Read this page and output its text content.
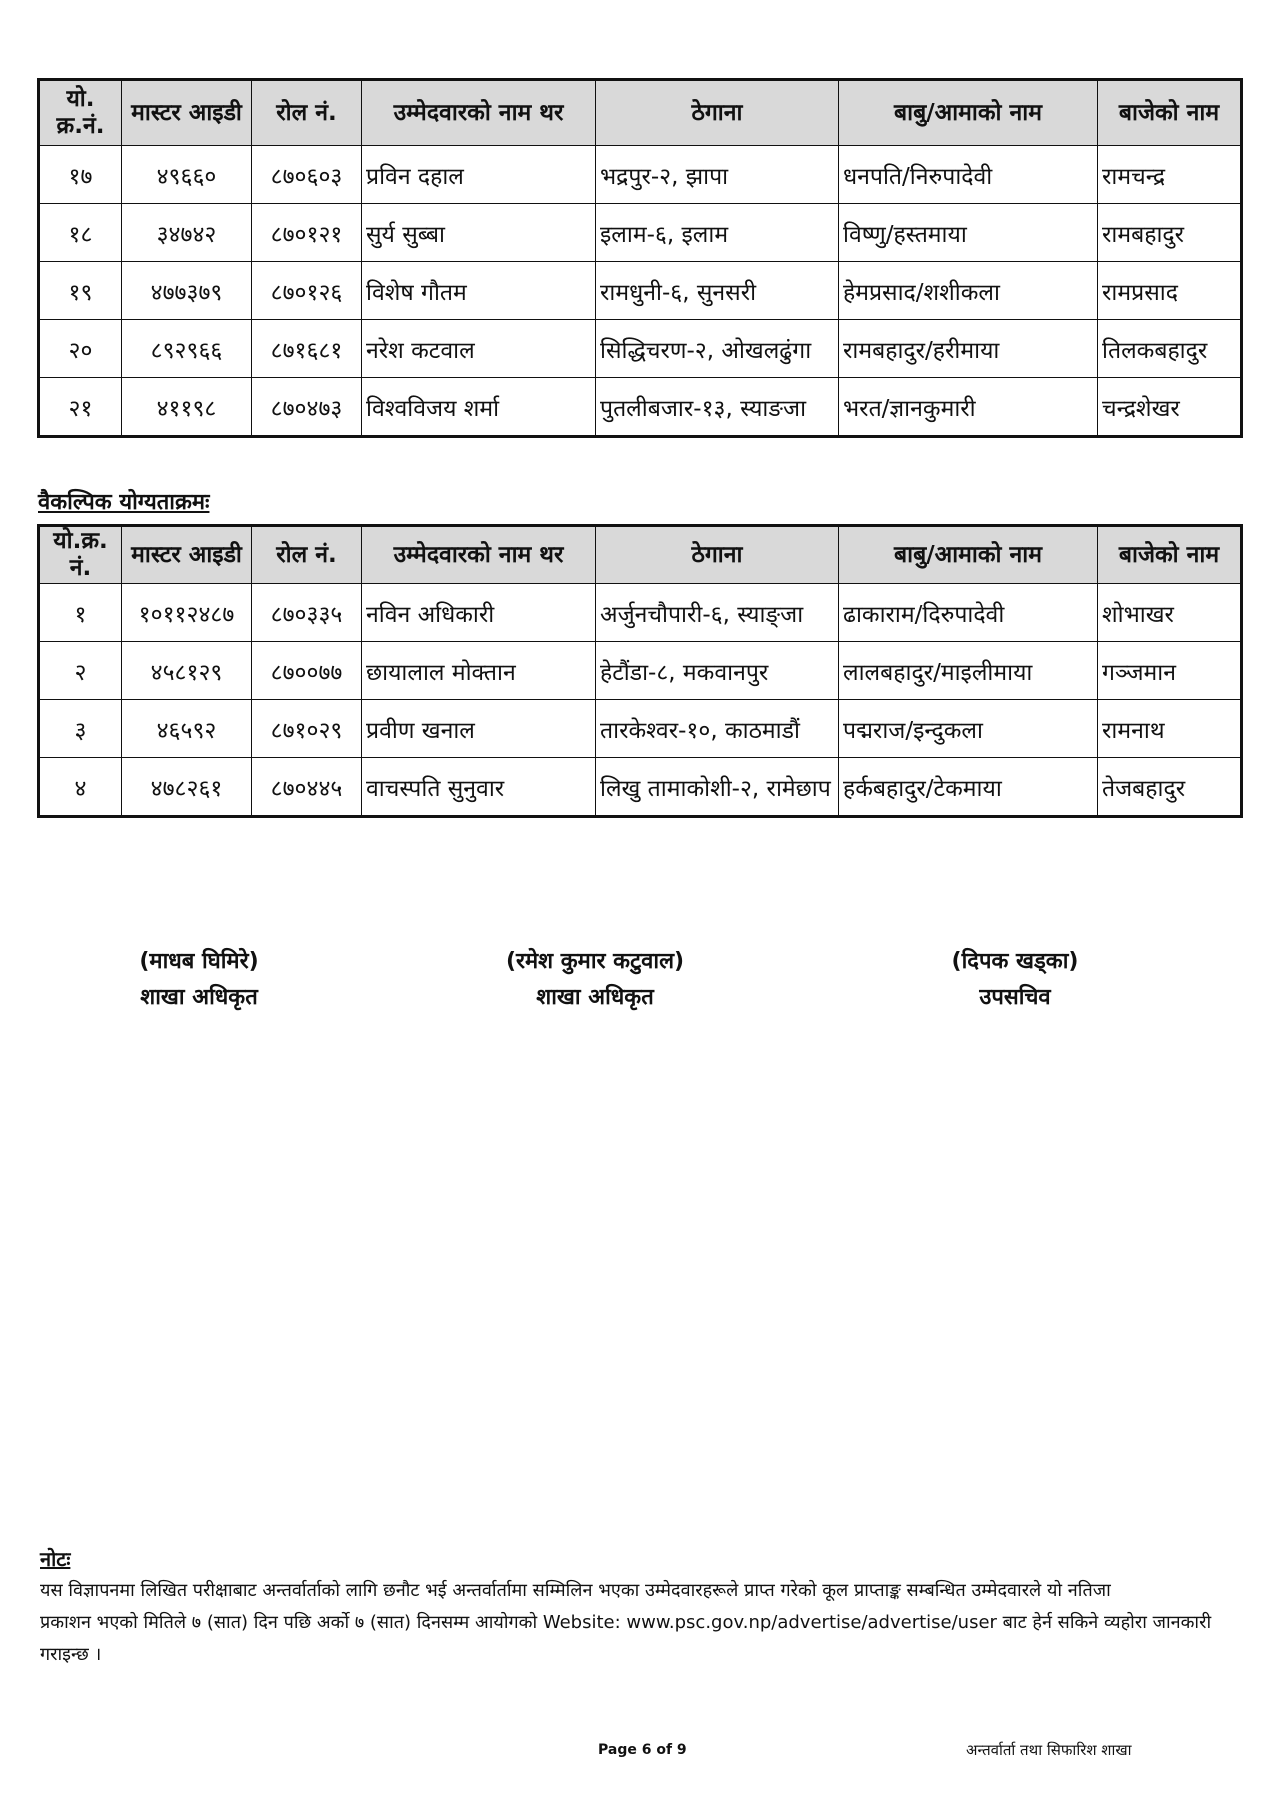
यो. क्र.नं.	मास्टर आइडी	रोल नं.	उम्मेदवारको नाम थर	ठेगाना	बाबु/आमाको नाम	बाजेको नाम
१७	४९६६०	८७०६०३	प्रविन दहाल	भद्रपुर-२, झापा	धनपति/निरुपादेवी	रामचन्द्र
१८	३४७४२	८७०१२१	सुर्य सुब्बा	इलाम-६, इलाम	विष्णु/हस्तमाया	रामबहादुर
१९	४७७३७९	८७०१२६	विशेष गौतम	रामधुनी-६, सुनसरी	हेमप्रसाद/शशीकला	रामप्रसाद
२०	८९२९६६	८७१६८१	नरेश कटवाल	सिद्धिचरण-२, ओखलढुंगा	रामबहादुर/हरीमाया	तिलकबहादुर
२१	४११९८	८७०४७३	विश्वविजय शर्मा	पुतलीबजार-१३, स्याङजा	भरत/ज्ञानकुमारी	चन्द्रशेखर
वैकल्पिक योग्यताक्रमः
यो.क्र. नं.	मास्टर आइडी	रोल नं.	उम्मेदवारको नाम थर	ठेगाना	बाबु/आमाको नाम	बाजेको नाम
१	१०११२४८७	८७०३३५	नविन अधिकारी	अर्जुनचौपारी-६, स्याङ्जा	ढाकाराम/दिरुपादेवी	शोभाखर
२	४५८१२९	८७००७७	छायालाल मोक्तान	हेटौंडा-८, मकवानपुर	लालबहादुर/माइलीमाया	गञ्जमान
३	४६५९२	८७१०२९	प्रवीण खनाल	तारकेश्वर-१०, काठमाडौं	पद्मराज/इन्दुकला	रामनाथ
४	४७८२६१	८७०४४५	वाचस्पति सुनुवार	लिखु तामाकोशी-२, रामेछाप	हर्कबहादुर/टेकमाया	तेजबहादुर
(माधब घिमिरे)
शाखा अधिकृत
(रमेश कुमार कटुवाल)
शाखा अधिकृत
(दिपक खड्का)
उपसचिव
नोटः
यस विज्ञापनमा लिखित परीक्षाबाट अन्तर्वार्ताको लागि छनौट भई अन्तर्वार्तामा सम्मिलिन भएका उम्मेदवारहरूले प्राप्त गरेको कूल प्राप्ताङ्क सम्बन्धित उम्मेदवारले यो नतिजा
प्रकाशन भएको मितिले ७ (सात) दिन पछि अर्को ७ (सात) दिनसम्म आयोगको Website: www.psc.gov.np/advertise/advertise/user बाट हेर्न सकिने व्यहोरा जानकारी
गराइन्छ ।
Page 6 of 9	अन्तर्वार्ता तथा सिफारिश शाखा
